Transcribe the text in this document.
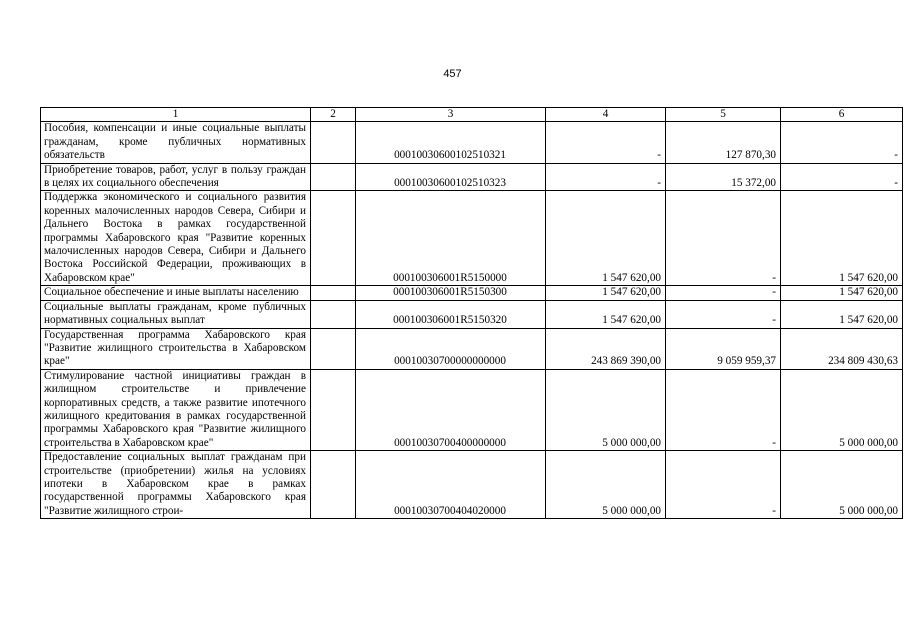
457
1	2	3	4	5	6
Пособия, компенсации и иные социальные выплаты гражданам, кроме публичных нормативных обязательств		00010030600102510321	-	127 870,30	-
Приобретение товаров, работ, услуг в пользу граждан в целях их социального обеспечения		00010030600102510323	-	15 372,00	-
Поддержка экономического и социального развития коренных малочисленных народов Севера, Сибири и Дальнего Востока в рамках государственной программы Хабаровского края "Развитие коренных малочисленных народов Севера, Сибири и Дальнего Востока Российской Федерации, проживающих в Хабаровском крае"		000100306001R5150000	1 547 620,00	-	1 547 620,00
Социальное обеспечение и иные выплаты населению		000100306001R5150300	1 547 620,00	-	1 547 620,00
Социальные выплаты гражданам, кроме публичных нормативных социальных выплат		000100306001R5150320	1 547 620,00	-	1 547 620,00
Государственная программа Хабаровского края "Развитие жилищного строительства в Хабаровском крае"		00010030700000000000	243 869 390,00	9 059 959,37	234 809 430,63
Стимулирование частной инициативы граждан в жилищном строительстве и привлечение корпоративных средств, а также развитие ипотечного жилищного кредитования в рамках государственной программы Хабаровского края "Развитие жилищного строительства в Хабаровском крае"		00010030700400000000	5 000 000,00	-	5 000 000,00
Предоставление социальных выплат гражданам при строительстве (приобретении) жилья на условиях ипотеки в Хабаровском крае в рамках государственной программы Хабаровского края "Развитие жилищного строи-		00010030700404020000	5 000 000,00	-	5 000 000,00
